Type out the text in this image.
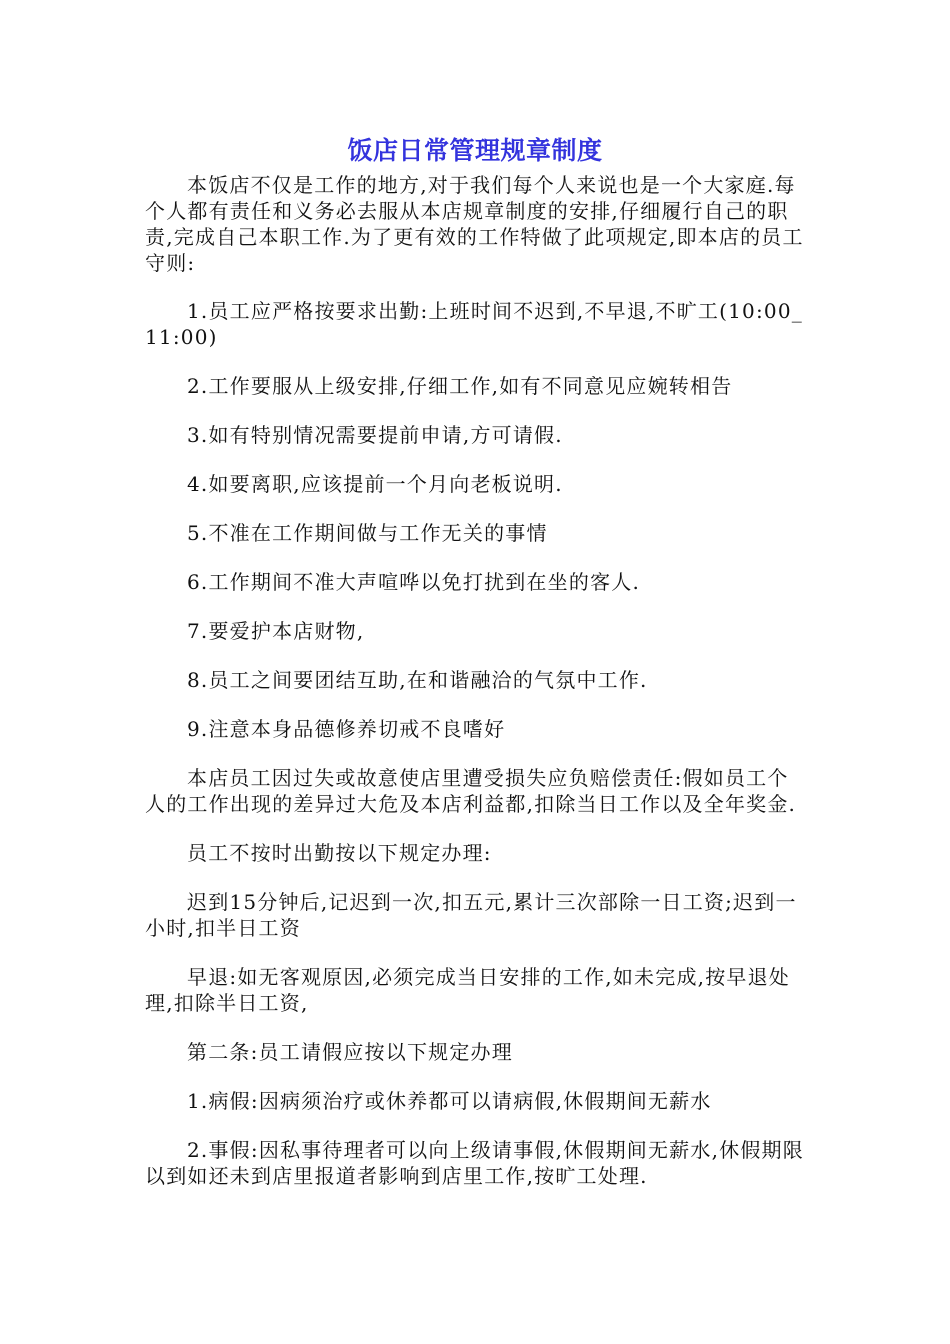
饭店日常管理规章制度

本饭店不仅是工作的地方,对于我们每个人来说也是一个大家庭.每个人都有责任和义务必去服从本店规章制度的安排,仔细履行自己的职责,完成自己本职工作.为了更有效的工作特做了此项规定,即本店的员工守则:

1.员工应严格按要求出勤:上班时间不迟到,不早退,不旷工(10:00_11:00)

2.工作要服从上级安排,仔细工作,如有不同意见应婉转相告

3.如有特别情况需要提前申请,方可请假.

4.如要离职,应该提前一个月向老板说明.

5.不准在工作期间做与工作无关的事情

6.工作期间不准大声喧哗以免打扰到在坐的客人.

7.要爱护本店财物,

8.员工之间要团结互助,在和谐融洽的气氛中工作.

9.注意本身品德修养切戒不良嗜好

本店员工因过失或故意使店里遭受损失应负赔偿责任:假如员工个人的工作出现的差异过大危及本店利益都,扣除当日工作以及全年奖金.

员工不按时出勤按以下规定办理:

迟到15分钟后,记迟到一次,扣五元,累计三次部除一日工资;迟到一小时,扣半日工资

早退:如无客观原因,必须完成当日安排的工作,如未完成,按早退处理,扣除半日工资,

第二条:员工请假应按以下规定办理

1.病假:因病须治疗或休养都可以请病假,休假期间无薪水

2.事假:因私事待理者可以向上级请事假,休假期间无薪水,休假期限以到如还未到店里报道者影响到店里工作,按旷工处理.
